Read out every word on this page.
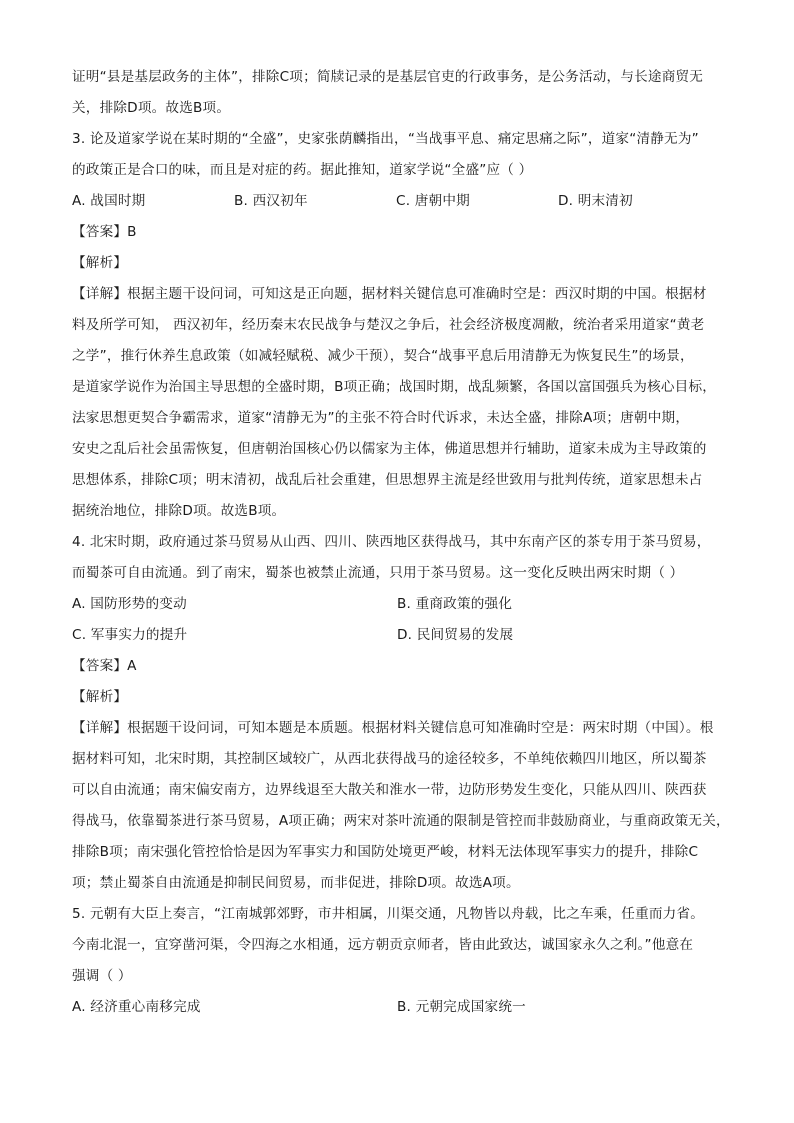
证明“县是基层政务的主体”，排除C项；简牍记录的是基层官吏的行政事务，是公务活动，与长途商贸无

关，排除D项。故选B项。

3. 论及道家学说在某时期的“全盛”，史家张荫麟指出，“当战事平息、痛定思痛之际”，道家“清静无为”

的政策正是合口的味，而且是对症的药。据此推知，道家学说“全盛”应（ ）

A. 战国时期	B. 西汉初年	C. 唐朝中期	D. 明末清初

【答案】B

【解析】

【详解】根据主题干设问词，可知这是正向题，据材料关键信息可准确时空是：西汉时期的中国。根据材

料及所学可知， 西汉初年，经历秦末农民战争与楚汉之争后，社会经济极度凋敝，统治者采用道家“黄老

之学”，推行休养生息政策（如减轻赋税、减少干预），契合“战事平息后用清静无为恢复民生”的场景，

是道家学说作为治国主导思想的全盛时期，B项正确；战国时期，战乱频繁，各国以富国强兵为核心目标，

法家思想更契合争霸需求，道家“清静无为”的主张不符合时代诉求，未达全盛，排除A项；唐朝中期，

安史之乱后社会虽需恢复，但唐朝治国核心仍以儒家为主体，佛道思想并行辅助，道家未成为主导政策的

思想体系，排除C项；明末清初，战乱后社会重建，但思想界主流是经世致用与批判传统，道家思想未占

据统治地位，排除D项。故选B项。

4. 北宋时期，政府通过茶马贸易从山西、四川、陕西地区获得战马，其中东南产区的茶专用于茶马贸易，

而蜀茶可自由流通。到了南宋，蜀茶也被禁止流通，只用于茶马贸易。这一变化反映出两宋时期（ ）

A. 国防形势的变动	B. 重商政策的强化
C. 军事实力的提升	D. 民间贸易的发展

【答案】A

【解析】

【详解】根据题干设问词，可知本题是本质题。根据材料关键信息可知准确时空是：两宋时期（中国）。根

据材料可知，北宋时期，其控制区域较广，从西北获得战马的途径较多，不单纯依赖四川地区，所以蜀茶

可以自由流通；南宋偏安南方，边界线退至大散关和淮水一带，边防形势发生变化，只能从四川、陕西获

得战马，依靠蜀茶进行茶马贸易，A项正确；两宋对茶叶流通的限制是管控而非鼓励商业，与重商政策无关，

排除B项；南宋强化管控恰恰是因为军事实力和国防处境更严峻，材料无法体现军事实力的提升，排除C

项；禁止蜀茶自由流通是抑制民间贸易，而非促进，排除D项。故选A项。

5. 元朝有大臣上奏言，“江南城郭郊野，市井相属，川渠交通，凡物皆以舟载，比之车乘，任重而力省。

今南北混一，宜穿凿河渠，令四海之水相通，远方朝贡京师者，皆由此致达，诚国家永久之利。”他意在

强调（ ）

A. 经济重心南移完成	B. 元朝完成国家统一
